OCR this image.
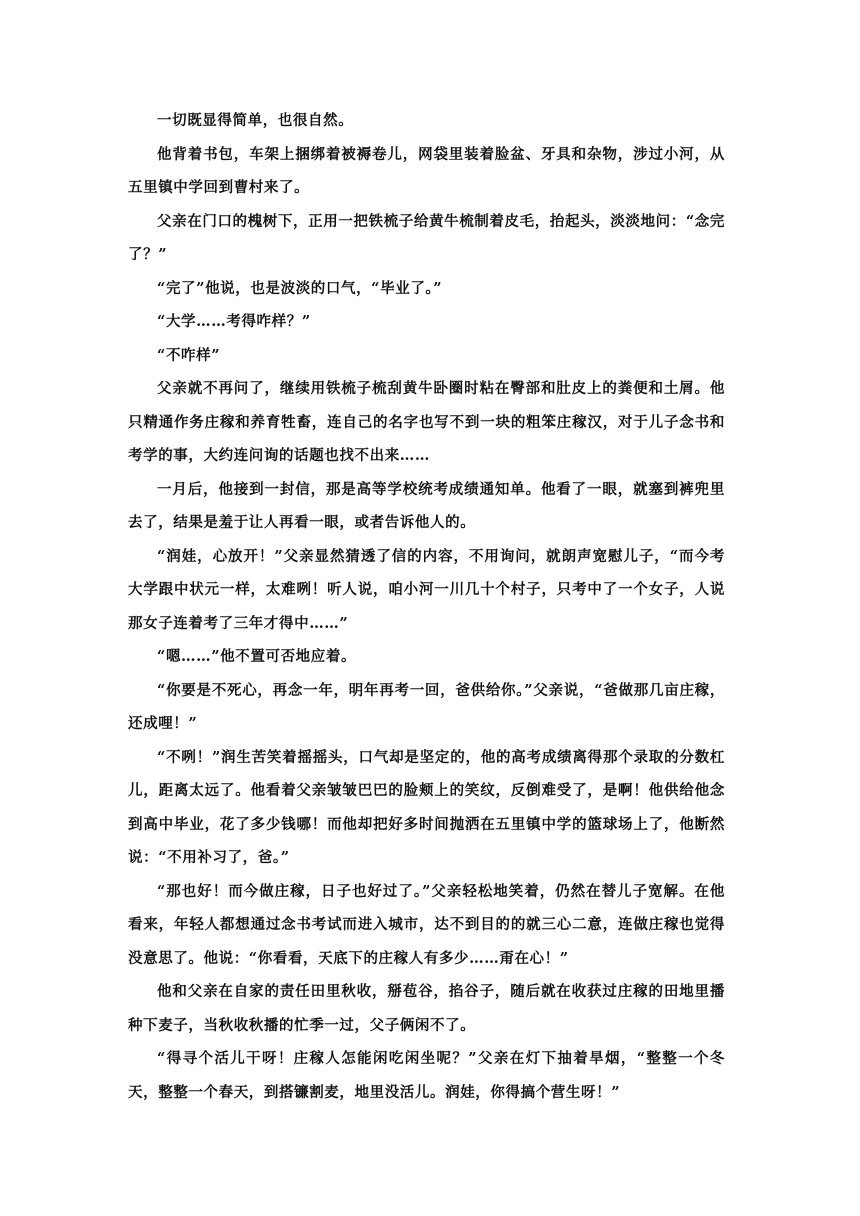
一切既显得简单，也很自然。

他背着书包，车架上捆绑着被褥卷儿，网袋里装着脸盆、牙具和杂物，涉过小河，从五里镇中学回到曹村来了。

父亲在门口的槐树下，正用一把铁梳子给黄牛梳制着皮毛，抬起头，淡淡地问：“念完了？”

“完了”他说，也是波淡的口气，“毕业了。”

“大学……考得咋样？”

“不咋样”

父亲就不再问了，继续用铁梳子梳刮黄牛卧圈时粘在臀部和肚皮上的粪便和土屑。他只精通作务庄稼和养育牲畜，连自己的名字也写不到一块的粗笨庄稼汉，对于儿子念书和考学的事，大约连问询的话题也找不出来……

一月后，他接到一封信，那是高等学校统考成绩通知单。他看了一眼，就塞到裤兜里去了，结果是羞于让人再看一眼，或者告诉他人的。

“润娃，心放开！”父亲显然猜透了信的内容，不用询问，就朗声宽慰儿子，“而今考大学跟中状元一样，太难咧！听人说，咱小河一川几十个村子，只考中了一个女子，人说那女子连着考了三年才得中……”

“嗯……”他不置可否地应着。

“你要是不死心，再念一年，明年再考一回，爸供给你。”父亲说，“爸做那几亩庄稼，还成哩！”

“不咧！”润生苦笑着摇摇头，口气却是坚定的，他的高考成绩离得那个录取的分数杠儿，距离太远了。他看着父亲皱皱巴巴的脸颊上的笑纹，反倒难受了，是啊！他供给他念到高中毕业，花了多少钱哪！而他却把好多时间抛洒在五里镇中学的篮球场上了，他断然说：“不用补习了，爸。”

“那也好！而今做庄稼，日子也好过了。”父亲轻松地笑着，仍然在替儿子宽解。在他看来，年轻人都想通过念书考试而进入城市，达不到目的的就三心二意，连做庄稼也觉得没意思了。他说：“你看看，天底下的庄稼人有多少……甭在心！”

他和父亲在自家的责任田里秋收，掰苞谷，掐谷子，随后就在收获过庄稼的田地里播种下麦子，当秋收秋播的忙季一过，父子俩闲不了。

“得寻个活儿干呀！庄稼人怎能闲吃闲坐呢？”父亲在灯下抽着旱烟，“整整一个冬天，整整一个春天，到搭镰割麦，地里没活儿。润娃，你得搞个营生呀！”
